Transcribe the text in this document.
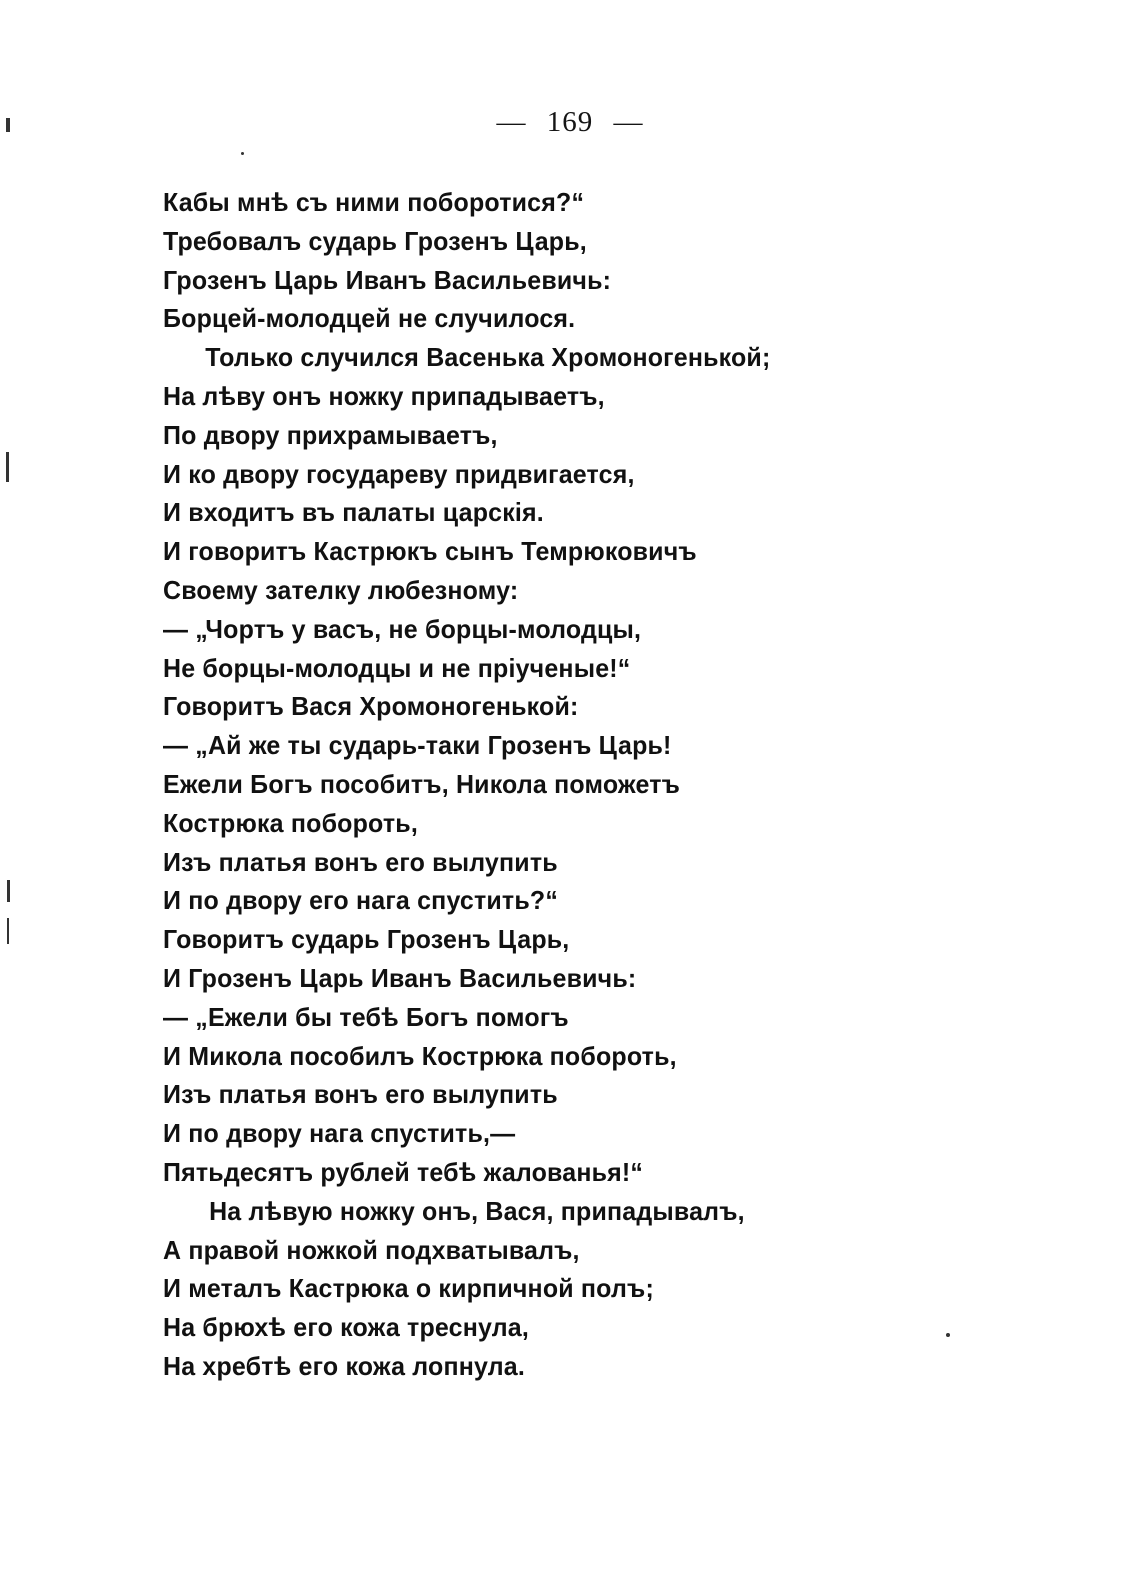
— 169 —
Кабы мнѣ съ ними побоpотися?“
Требовалъ сударь Грозенъ Царь,
Грозенъ Царь Иванъ Васильевичь:
Борцей-молодцей не случилося.
Только случился Васенька Хромоногенькой;
На лѣву онъ ножку припадываетъ,
По двору прихрамываетъ,
И ко двору государеву придвигается,
И входитъ въ палаты царскія.
И говоритъ Кастрюкъ сынъ Темрюковичъ
Своему зателку любезному:
— „Чортъ у васъ, не борцы-молодцы,
Не борцы-молодцы и не пріученые!“
Говоритъ Вася Хромоногенькой:
— „Ай же ты сударь-таки Грозенъ Царь!
Ежели Богъ пособитъ, Никола поможетъ
Кострюка побороть,
Изъ платья вонъ его вылупить
И по двору его нага спустить?“
Говоритъ сударь Грозенъ Царь,
И Грозенъ Царь Иванъ Васильевичь:
— „Ежели бы тебѣ Богъ помогъ
И Микола пособилъ Кострюка побороть,
Изъ платья вонъ его вылупить
И по двору нага спустить,—
Пятьдесятъ рублей тебѣ жалованья!“
На лѣвую ножку онъ, Вася, припадывалъ,
А правой ножкой подхватывалъ,
И металъ Кастрюка о кирпичной полъ;
На брюхѣ его кожа треснула,
На хребтѣ его кожа лопнула.
